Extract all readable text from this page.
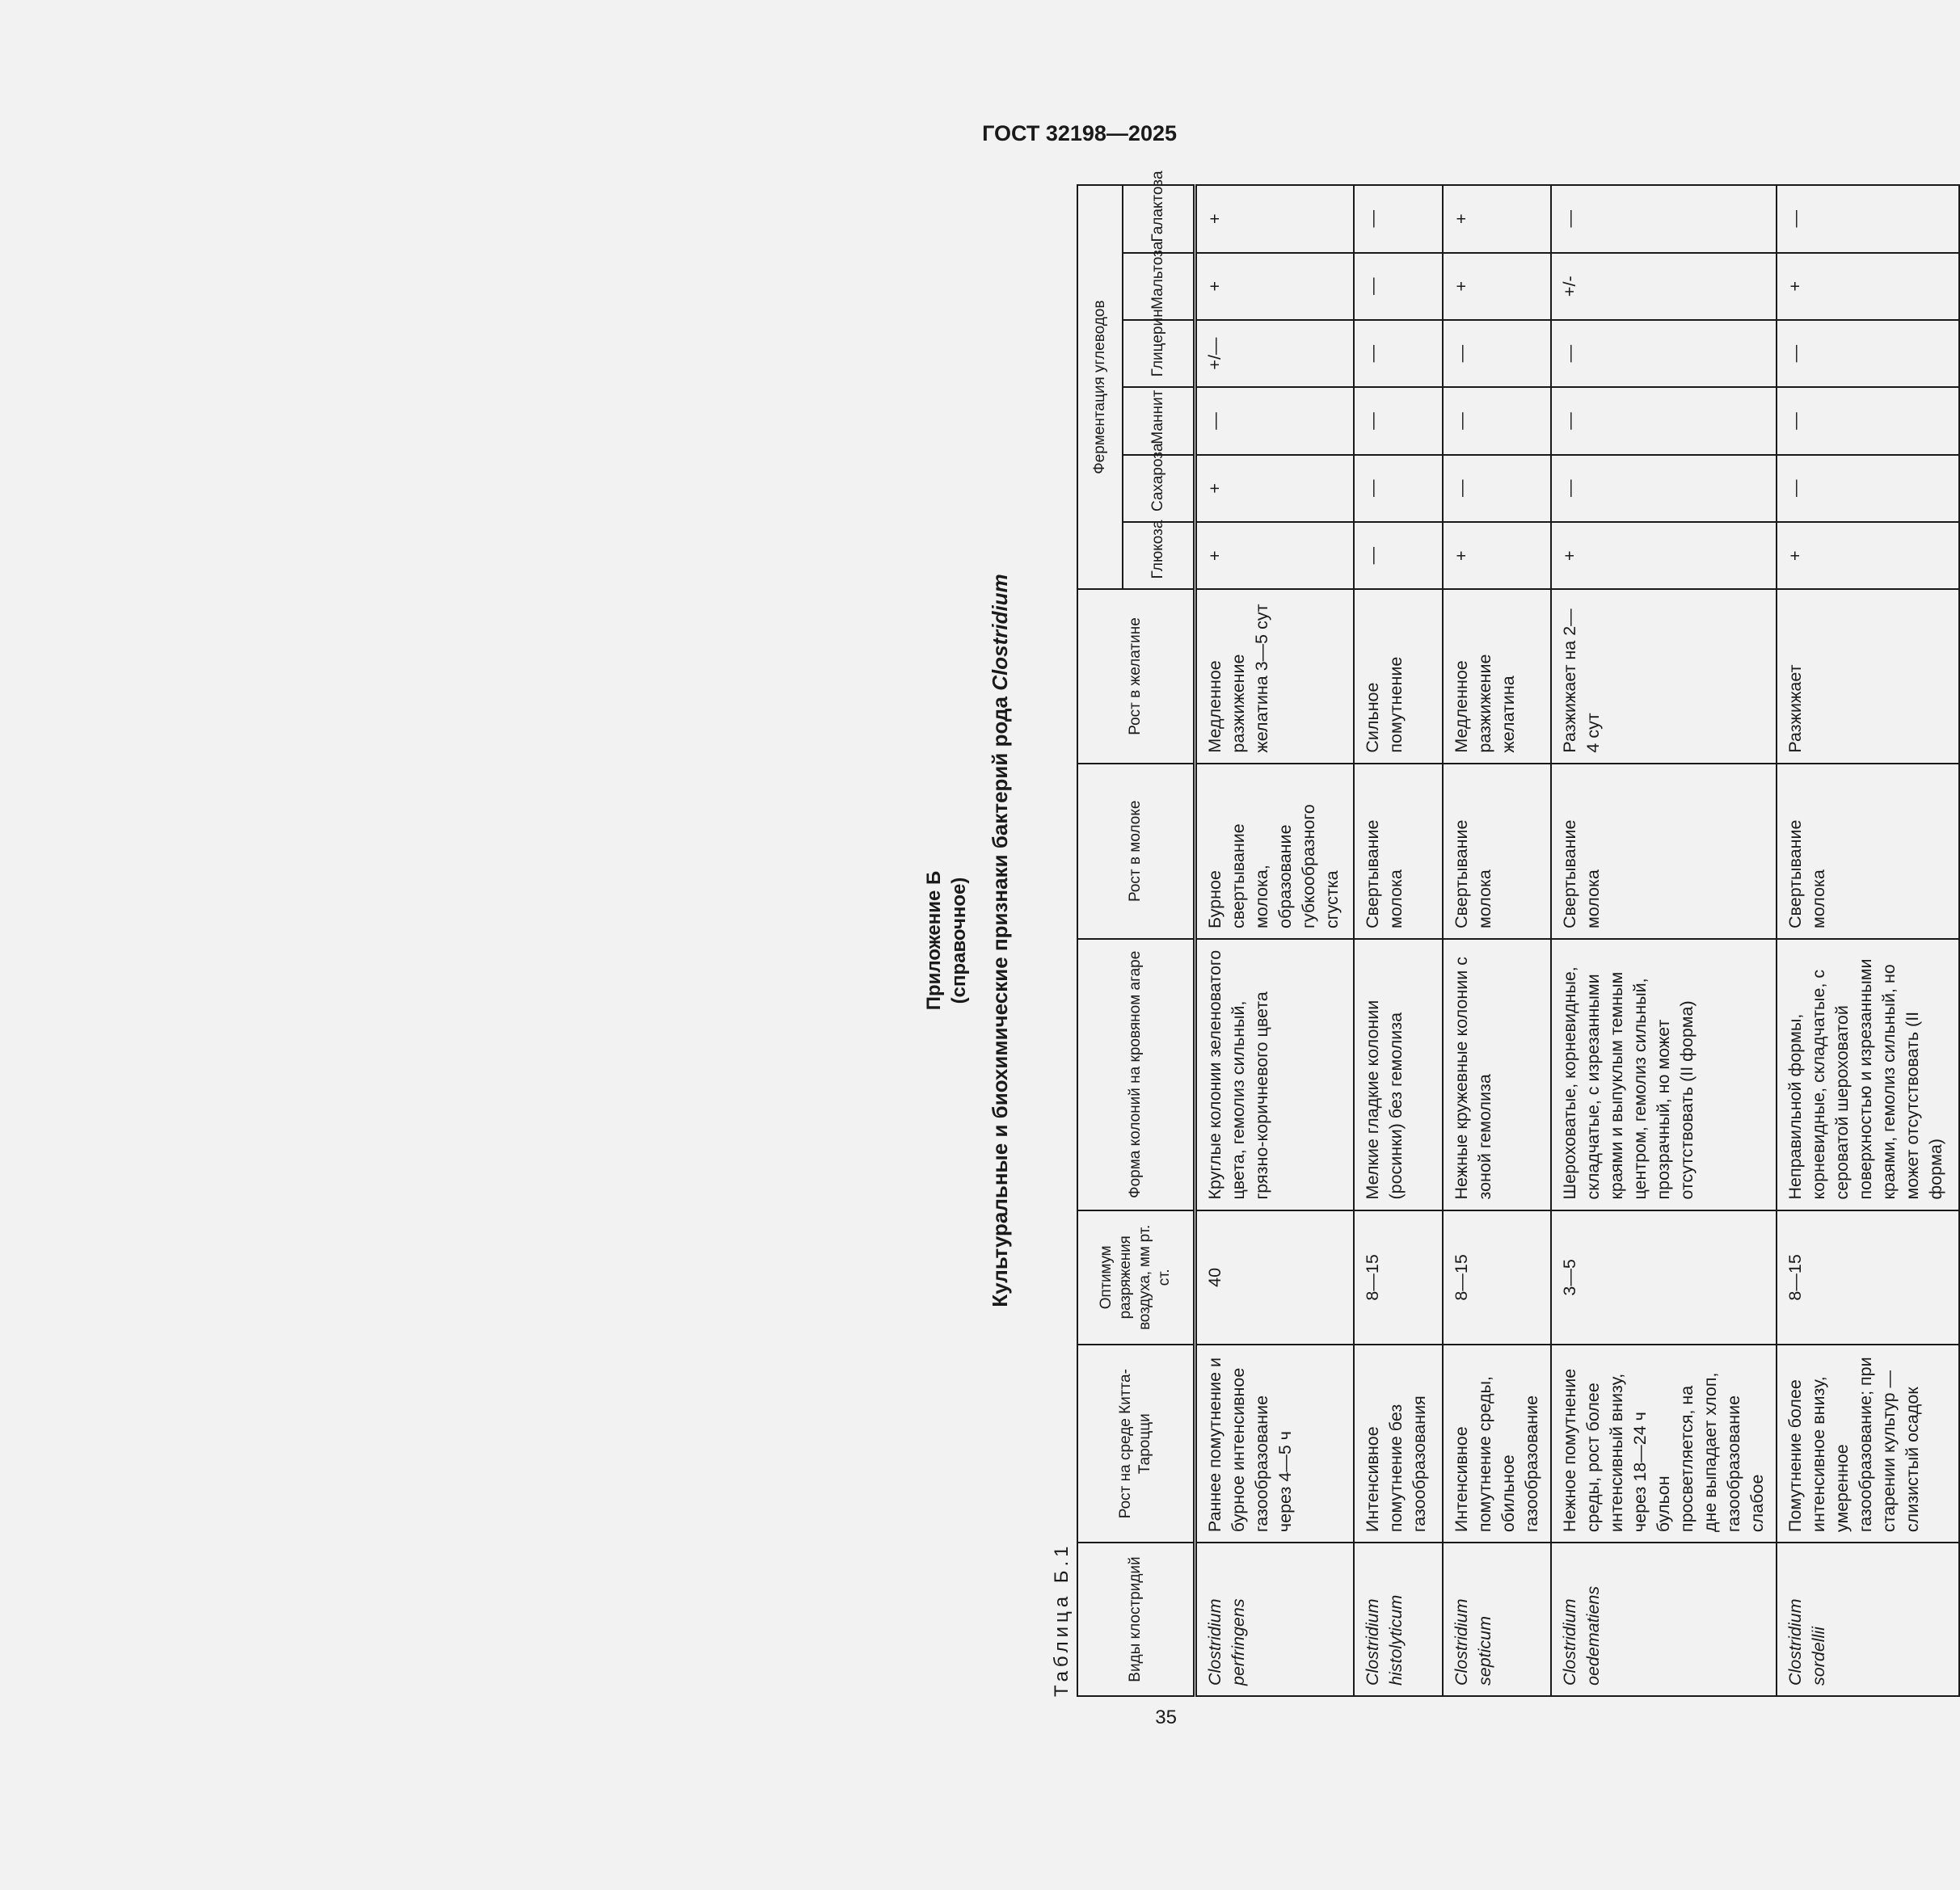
ГОСТ 32198—2025
Приложение Б (справочное) Культуральные и биохимические признаки бактерий рода Clostridium
Таблица Б.1	Виды клостридий	Рост на среде Китта-Тароцци	Оптимум разряжения воздуха, мм рт. ст.	Форма колоний на кровяном агаре	Рост в молоке	Рост в желатине	Ферментация углеводов					
						Глюкоза	Сахароза	Маннит	Глицерин	Мальтоза	Галактоза
Clostridium perfringens	Раннее помутнение и бурное интенсивное газообразование через 4—5 ч	40	Круглые колонии зеленоватого цвета, гемолиз сильный, грязно-коричневого цвета	Бурное свертывание молока, образование губкообразного сгустка	Медленное разжижение желатина 3—5 сут	+	+	—	+/—	+	+
Clostridium histolyticum	Интенсивное помутнение без газообразования	8—15	Мелкие гладкие колонии (росинки) без гемолиза	Свертывание молока	Сильное помутнение	—	—	—	—	—	—
Clostridium septicum	Интенсивное помутнение среды, обильное газообразование	8—15	Нежные кружевные колонии с зоной гемолиза	Свертывание молока	Медленное разжижение желатина	+	—	—	—	+	+
Clostridium oedematiens	Нежное помутнение среды, рост более интенсивный внизу, через 18—24 ч бульон просветляется, на дне выпадает хлоп, газообразование слабое	3—5	Шероховатые, корневидные, складчатые, с изрезанными краями и выпуклым темным центром, гемолиз сильный, прозрачный, но может отсутствовать (II форма)	Свертывание молока	Разжижает на 2—4 сут	+	—	—	—	+/-	—
Clostridium sordellii	Помутнение более интенсивное внизу, умеренное газообразование; при старении культур — слизистый осадок	8—15	Неправильной формы, корневидные, складчатые, с сероватой шероховатой поверхностью и изрезанными краями, гемолиз сильный, но может отсутствовать (II форма)	Свертывание молока	Разжижает	+	—	—	—	+	—
35
